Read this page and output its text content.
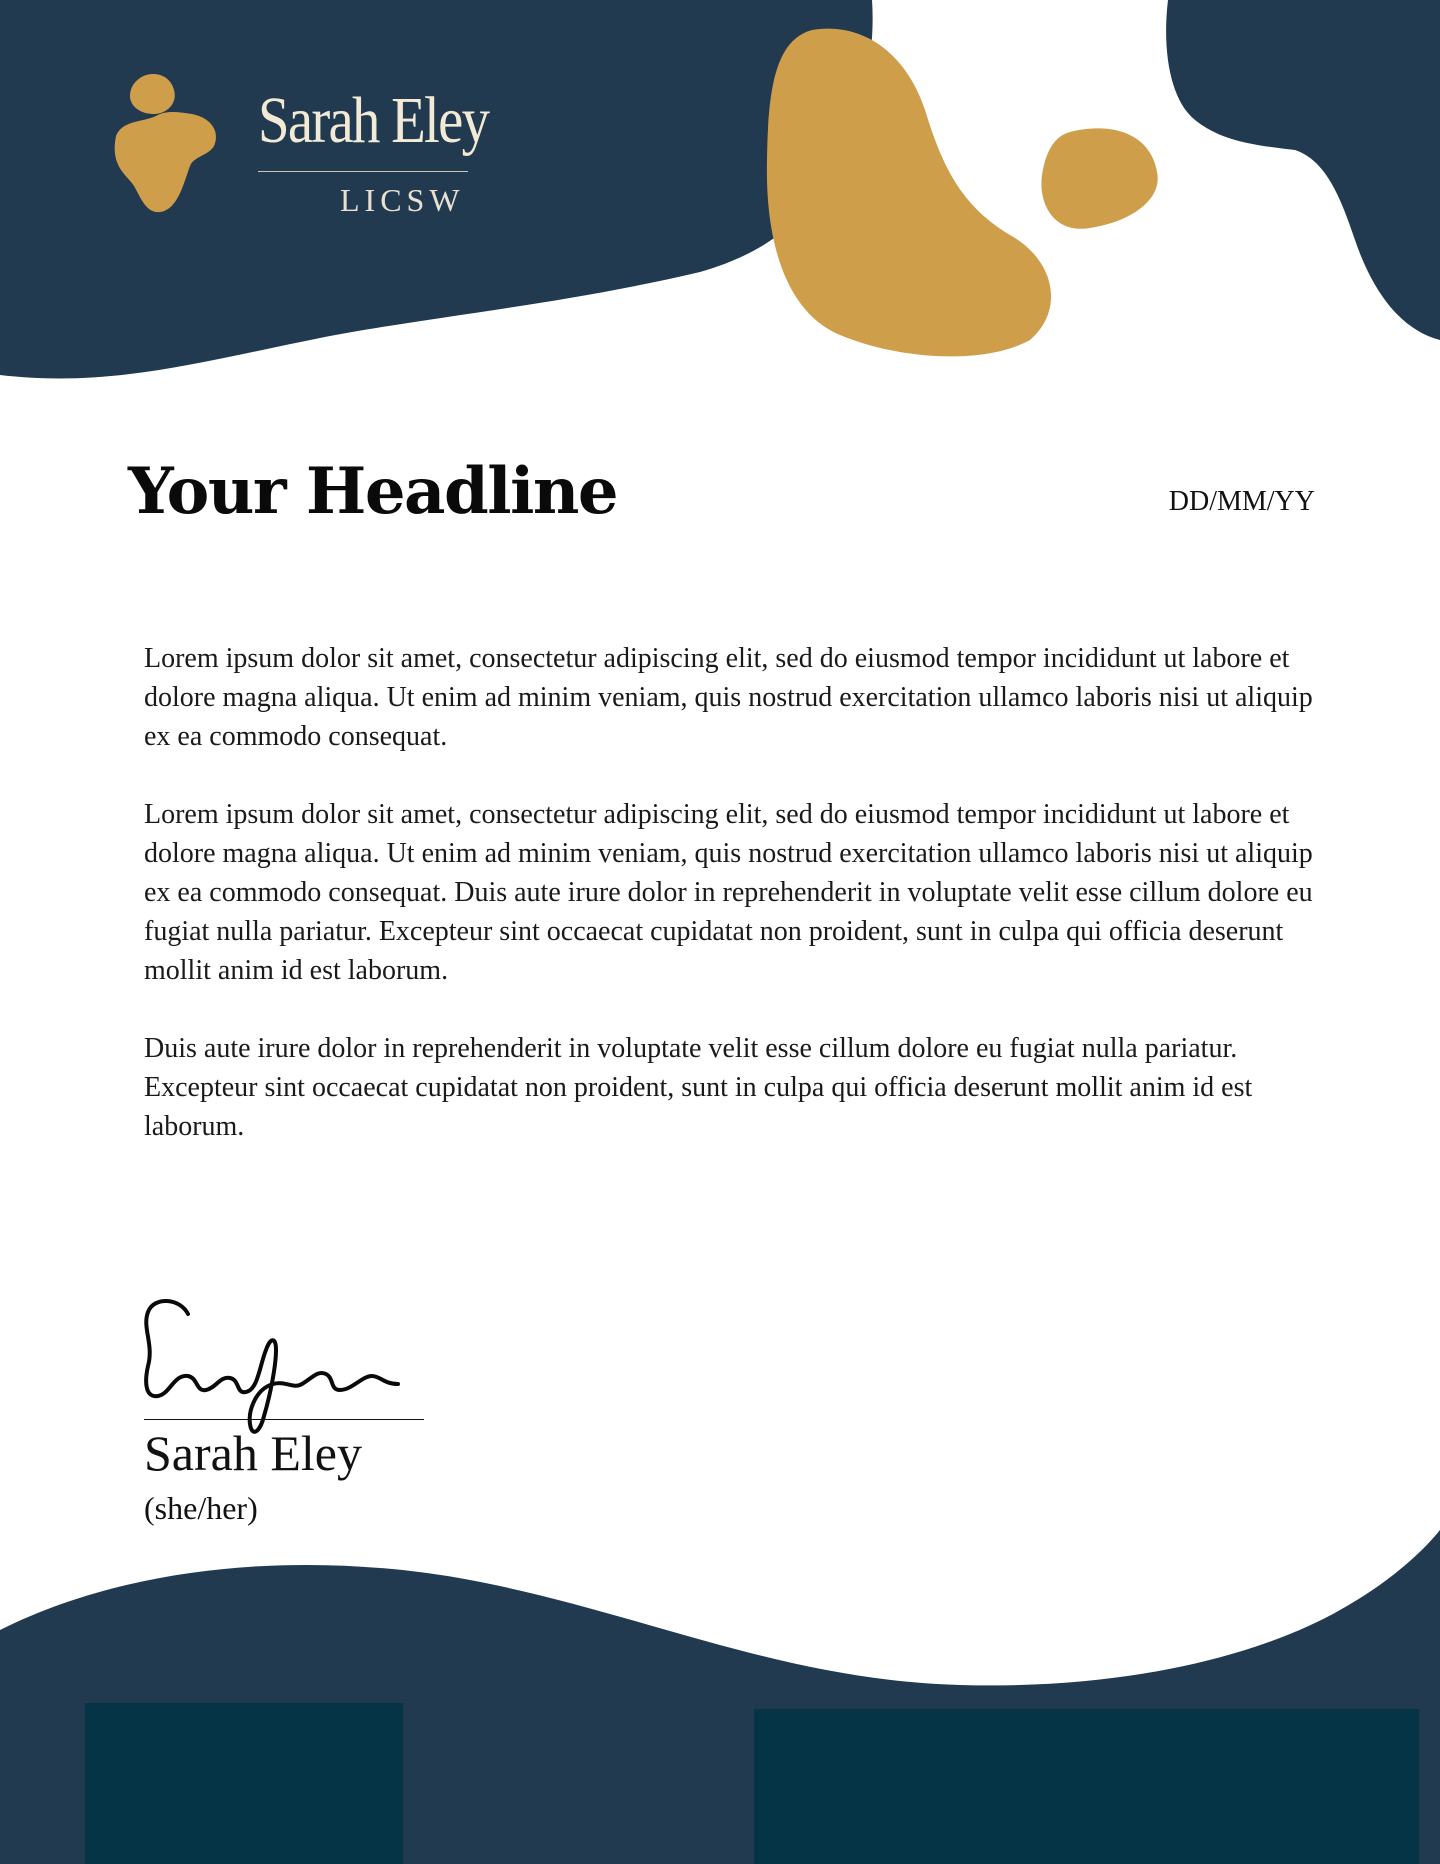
Sarah Eley

LICSW

Your Headline	DD/MM/YY

Lorem ipsum dolor sit amet, consectetur adipiscing elit, sed do eiusmod tempor incididunt ut labore et dolore magna aliqua. Ut enim ad minim veniam, quis nostrud exercitation ullamco laboris nisi ut aliquip ex ea commodo consequat.

Lorem ipsum dolor sit amet, consectetur adipiscing elit, sed do eiusmod tempor incididunt ut labore et dolore magna aliqua. Ut enim ad minim veniam, quis nostrud exercitation ullamco laboris nisi ut aliquip ex ea commodo consequat. Duis aute irure dolor in reprehenderit in voluptate velit esse cillum dolore eu fugiat nulla pariatur. Excepteur sint occaecat cupidatat non proident, sunt in culpa qui officia deserunt mollit anim id est laborum.

Duis aute irure dolor in reprehenderit in voluptate velit esse cillum dolore eu fugiat nulla pariatur. Excepteur sint occaecat cupidatat non proident, sunt in culpa qui officia deserunt mollit anim id est laborum.

Sarah Eley

(she/her)
